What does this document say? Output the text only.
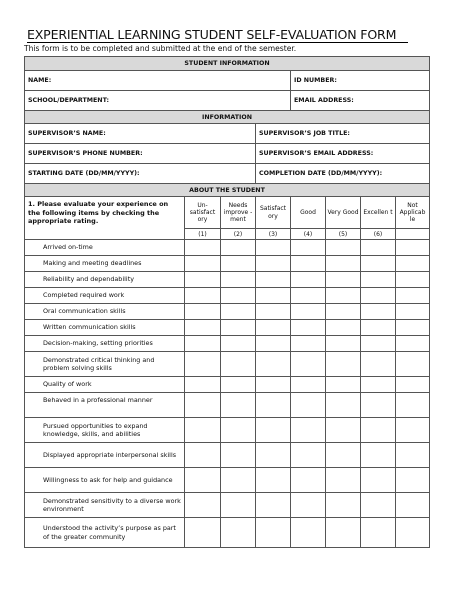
EXPERIENTIAL LEARNING STUDENT SELF-EVALUATION FORM
This form is to be completed and submitted at the end of the semester.
STUDENT INFORMATION							
NAME:				ID NUMBER:			
SCHOOL/DEPARTMENT:				EMAIL ADDRESS:			
INFORMATION							
SUPERVISOR’S NAME:			SUPERVISOR’S JOB TITLE:				
SUPERVISOR’S PHONE NUMBER:			SUPERVISOR’S EMAIL ADDRESS:				
STARTING DATE (DD/MM/YYYY):			COMPLETION DATE (DD/MM/YYYY):				
ABOUT THE STUDENT							
1. Please evaluate your experience on the following items by checking the appropriate rating.	Un-satisfact ory	Needs improve -ment	Satisfact ory	Good	Very Good	Excellen t	Not Applicab le
	(1)	(2)	(3)	(4)	(5)	(6)	
Arrived on-time							
Making and meeting deadlines							
Reliability and dependability							
Completed required work							
Oral communication skills							
Written communication skills							
Decision-making, setting priorities							
Demonstrated critical thinking and problem solving skills							
Quality of work							
Behaved in a professional manner							
Pursued opportunities to expand knowledge, skills, and abilities							
Displayed appropriate interpersonal skills							
Willingness to ask for help and guidance							
Demonstrated sensitivity to a diverse work environment							
Understood the activity’s purpose as part of the greater community							
